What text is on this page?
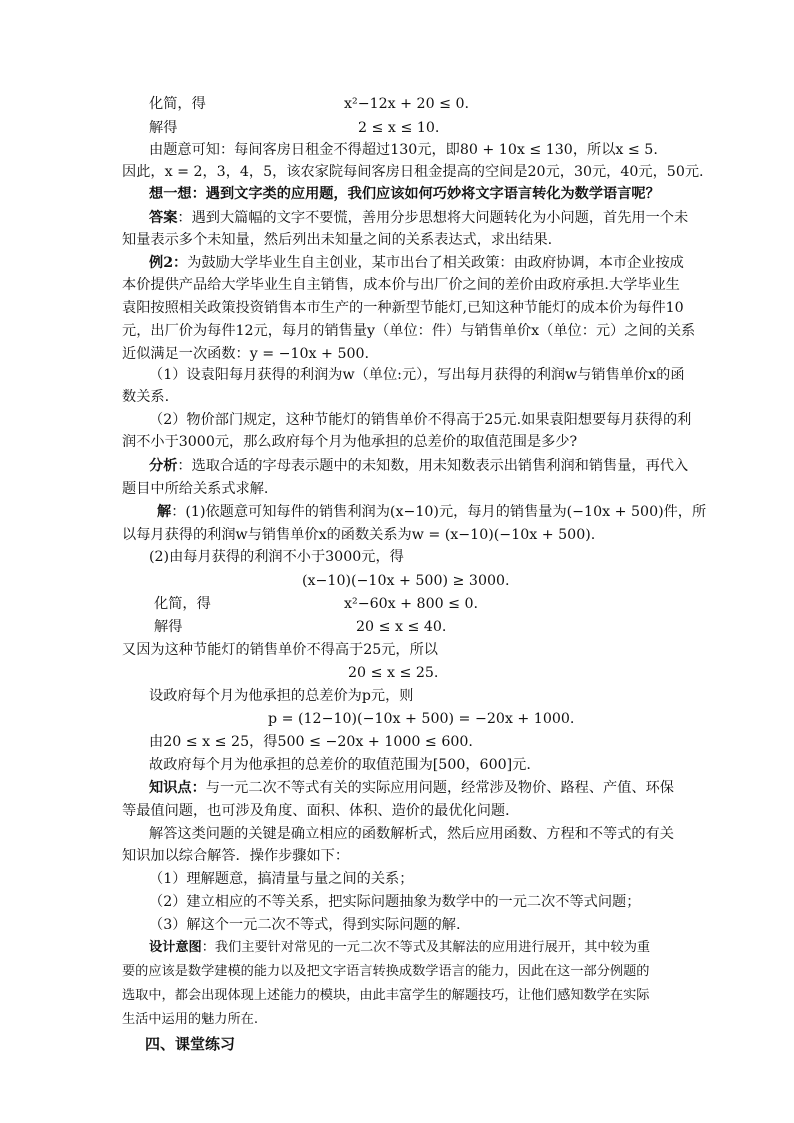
化简，得	x²−12x + 20 ≤ 0.
解得	2 ≤ x ≤ 10.
由题意可知：每间客房日租金不得超过130元，即80 + 10x ≤ 130，所以x ≤ 5.
因此，x = 2，3，4，5，该农家院每间客房日租金提高的空间是20元，30元，40元，50元.
想一想：遇到文字类的应用题，我们应该如何巧妙将文字语言转化为数学语言呢？
答案：遇到大篇幅的文字不要慌，善用分步思想将大问题转化为小问题，首先用一个未
知量表示多个未知量，然后列出未知量之间的关系表达式，求出结果.
例2：为鼓励大学毕业生自主创业，某市出台了相关政策：由政府协调，本市企业按成
本价提供产品给大学毕业生自主销售，成本价与出厂价之间的差价由政府承担.大学毕业生
袁阳按照相关政策投资销售本市生产的一种新型节能灯,已知这种节能灯的成本价为每件10
元，出厂价为每件12元，每月的销售量y（单位：件）与销售单价x（单位：元）之间的关系
近似满足一次函数：y = −10x + 500.
（1）设袁阳每月获得的利润为w（单位:元），写出每月获得的利润w与销售单价x的函
数关系.
（2）物价部门规定，这种节能灯的销售单价不得高于25元.如果袁阳想要每月获得的利
润不小于3000元，那么政府每个月为他承担的总差价的取值范围是多少?
分析：选取合适的字母表示题中的未知数，用未知数表示出销售利润和销售量，再代入
题目中所给关系式求解.
解：(1)依题意可知每件的销售利润为(x−10)元，每月的销售量为(−10x + 500)件，所
以每月获得的利润w与销售单价x的函数关系为w = (x−10)(−10x + 500).
(2)由每月获得的利润不小于3000元，得
(x−10)(−10x + 500) ≥ 3000.
化简，得	x²−60x + 800 ≤ 0.
解得	20 ≤ x ≤ 40.
又因为这种节能灯的销售单价不得高于25元，所以
20 ≤ x ≤ 25.
设政府每个月为他承担的总差价为p元，则
p = (12−10)(−10x + 500) = −20x + 1000.
由20 ≤ x ≤ 25，得500 ≤ −20x + 1000 ≤ 600.
故政府每个月为他承担的总差价的取值范围为[500，600]元.
知识点：与一元二次不等式有关的实际应用问题，经常涉及物价、路程、产值、环保
等最值问题，也可涉及角度、面积、体积、造价的最优化问题．
解答这类问题的关键是确立相应的函数解析式，然后应用函数、方程和不等式的有关
知识加以综合解答．操作步骤如下：
（1）理解题意，搞清量与量之间的关系；
（2）建立相应的不等关系，把实际问题抽象为数学中的一元二次不等式问题；
（3）解这个一元二次不等式，得到实际问题的解.
设计意图：我们主要针对常见的一元二次不等式及其解法的应用进行展开，其中较为重
要的应该是数学建模的能力以及把文字语言转换成数学语言的能力，因此在这一部分例题的
选取中，都会出现体现上述能力的模块，由此丰富学生的解题技巧，让他们感知数学在实际
生活中运用的魅力所在.
四、课堂练习
